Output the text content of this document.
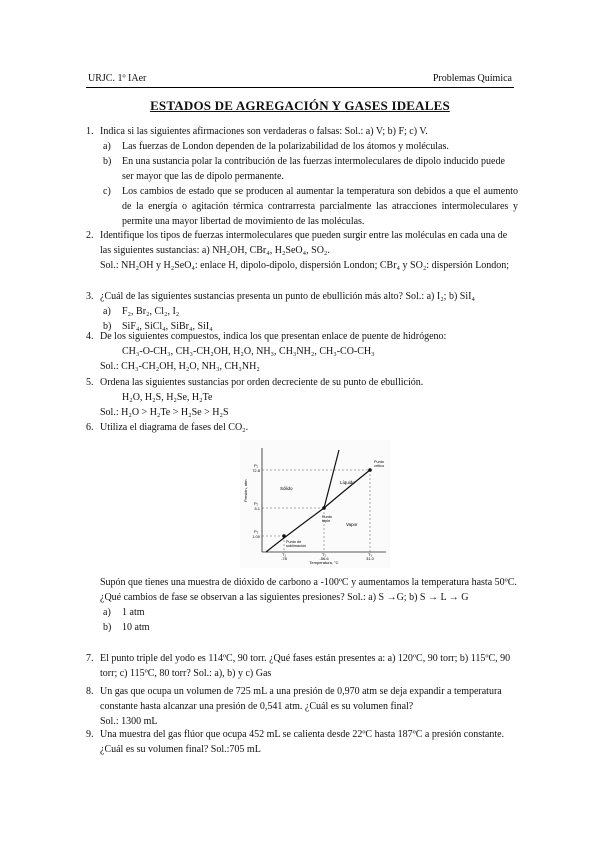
URJC. 1º IAer	Problemas Química
ESTADOS DE AGREGACIÓN Y GASES IDEALES
1. Indica si las siguientes afirmaciones son verdaderas o falsas: Sol.: a) V; b) F; c) V.
a) Las fuerzas de London dependen de la polarizabilidad de los átomos y moléculas.
b) En una sustancia polar la contribución de las fuerzas intermoleculares de dipolo inducido puede ser mayor que las de dipolo permanente.
c) Los cambios de estado que se producen al aumentar la temperatura son debidos a que el aumento de la energía o agitación térmica contrarresta parcialmente las atracciones intermoleculares y permite una mayor libertad de movimiento de las moléculas.
2. Identifique los tipos de fuerzas intermoleculares que pueden surgir entre las moléculas en cada una de las siguientes sustancias: a) NH₂OH, CBr₄, H₂SeO₄, SO₂.
Sol.: NH₂OH y H₂SeO₄: enlace H, dipolo-dipolo, dispersión London; CBr₄ y SO₂: dispersión London;
3. ¿Cuál de las siguientes sustancias presenta un punto de ebullición más alto? Sol.: a) I₂; b) SiI₄
a) F₂, Br₂, Cl₂, I₂
b) SiF₄, SiCl₄, SiBr₄, SiI₄
4. De los siguientes compuestos, indica los que presentan enlace de puente de hidrógeno:
CH₃-O-CH₃, CH₃-CH₂OH, H₂O, NH₃, CH₃NH₂, CH₃-CO-CH₃
Sol.: CH₃-CH₂OH, H₂O, NH₃, CH₃NH₂
5. Ordena las siguientes sustancias por orden decreciente de su punto de ebullición.
H₂O, H₂S, H₂Se, H₂Te
Sol.: H₂O > H₂Te > H₂Se > H₂S
6. Utiliza el diagrama de fases del CO₂.
Presión, atm
Temperatura, °C
P₁
P₂
P₃
72.8
5.1
1.00
T₁	T₂	T₃
-78	-56.6	31.0
Sólido
Líquido
Vapor
Punto
crítico
Punto
triple
Punto de
sublimación
Supón que tienes una muestra de dióxido de carbono a -100ºC y aumentamos la temperatura hasta 50ºC. ¿Qué cambios de fase se observan a las siguientes presiones? Sol.: a) S →G; b) S → L → G
a) 1 atm
b) 10 atm
7. El punto triple del yodo es 114ºC, 90 torr. ¿Qué fases están presentes a: a) 120ºC, 90 torr; b) 115ºC, 90 torr; c) 115ºC, 80 torr? Sol.: a), b) y c) Gas
8. Un gas que ocupa un volumen de 725 mL a una presión de 0,970 atm se deja expandir a temperatura constante hasta alcanzar una presión de 0,541 atm. ¿Cuál es su volumen final?
Sol.: 1300 mL
9. Una muestra del gas flúor que ocupa 452 mL se calienta desde 22ºC hasta 187ºC a presión constante. ¿Cuál es su volumen final? Sol.:705 mL
